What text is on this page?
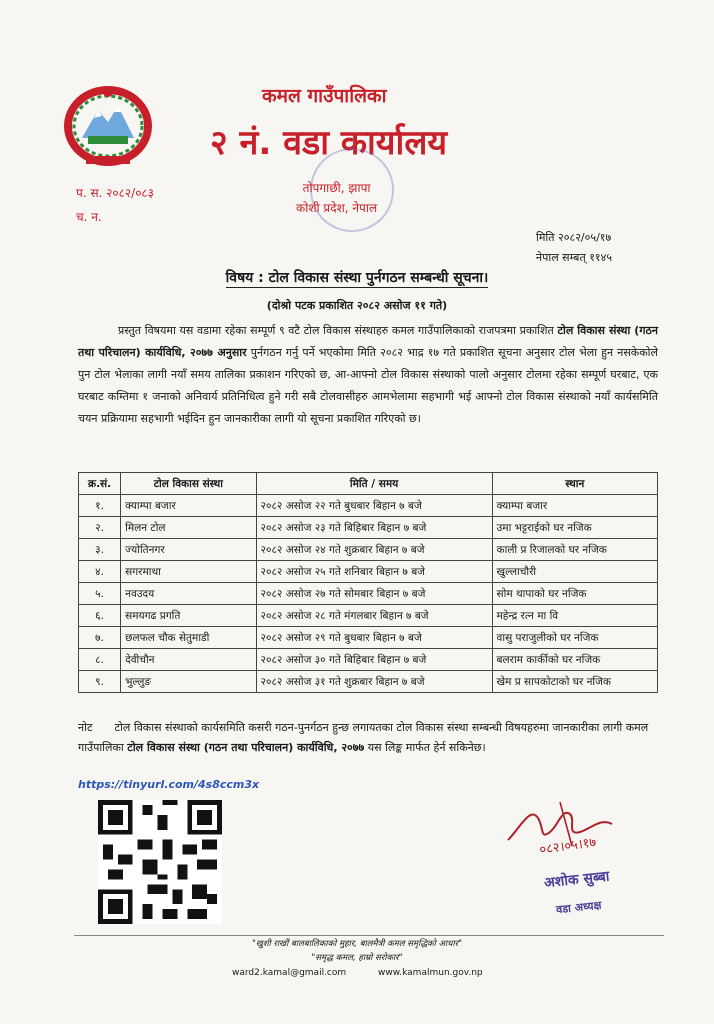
कमल गाउँपालिका
२ नं. वडा कार्यालय
तोपगाछी, झापा
कोशी प्रदेश, नेपाल
प. स. २०८२/०८३
च. न.
मिति २०८२/०५/१७
नेपाल सम्बत् ११४५
विषय : टोल विकास संस्था पुर्नगठन सम्बन्धी सूचना।
(दोश्रो पटक प्रकाशित २०८२ असोज ११ गते)
प्रस्तुत विषयमा यस वडामा रहेका सम्पूर्ण ९ वटै टोल विकास संस्थाहरु कमल गाउँपालिकाको राजपत्रमा प्रकाशित टोल विकास संस्था (गठन तथा परिचालन) कार्यविधि, २०७७ अनुसार पुर्नगठन गर्नु पर्ने भएकोमा मिति २०८२ भाद्र १७ गते प्रकाशित सूचना अनुसार टोल भेला हुन नसकेकोले पुन टोल भेलाका लागी नयाँ समय तालिका प्रकाशन गरिएको छ, आ-आफ्नो टोल विकास संस्थाको पालो अनुसार टोलमा रहेका सम्पूर्ण घरबाट, एक घरबाट कम्तिमा १ जनाको अनिवार्य प्रतिनिधित्व हुने गरी सबै टोलवासीहरु आमभेलामा सहभागी भई आफ्नो टोल विकास संस्थाको नयाँ कार्यसमिति चयन प्रक्रियामा सहभागी भईदिन हुन जानकारीका लागी यो सूचना प्रकाशित गरिएको छ।
क्र.सं.	टोल विकास संस्था	मिति / समय	स्थान
१.	क्याम्पा बजार	२०८२ असोज २२ गते बुधबार बिहान ७ बजे	क्याम्पा बजार
२.	मिलन टोल	२०८२ असोज २३ गते बिहिबार बिहान ७ बजे	उमा भट्टराईको घर नजिक
३.	ज्योतिनगर	२०८२ असोज २४ गते शुक्रबार बिहान ७ बजे	काली प्र रिजालको घर नजिक
४.	सगरमाथा	२०८२ असोज २५ गते शनिबार बिहान ७ बजे	खुल्लाचौरी
५.	नवउदय	२०८२ असोज २७ गते सोमबार बिहान ७ बजे	सोम थापाको घर नजिक
६.	समयगढ प्रगति	२०८२ असोज २८ गते मंगलबार बिहान ७ बजे	महेन्द्र रत्न मा वि
७.	छलफल चौक सेतुमाडी	२०८२ असोज २९ गते बुधबार बिहान ७ बजे	वासु पराजुलीको घर नजिक
८.	देवीचौन	२०८२ असोज ३० गते बिहिबार बिहान ७ बजे	बलराम कार्कीको घर नजिक
९.	भुल्लुङ	२०८२ असोज ३१ गते शुक्रबार बिहान ७ बजे	खेम प्र सापकोटाको घर नजिक
नोट टोल विकास संस्थाको कार्यसमिति कसरी गठन-पुनर्गठन हुन्छ लगायतका टोल विकास संस्था सम्बन्धी विषयहरुमा जानकारीका लागी कमल गाउँपालिका टोल विकास संस्था (गठन तथा परिचालन) कार्यविधि, २०७७ यस लिङ्क मार्फत हेर्न सकिनेछ।
https://tinyurl.com/4s8ccm3x
०८२।०५।१७
अशोक सुब्बा
वडा अध्यक्ष
"खुशी राखौं बालबालिकाको मुहार, बालमैत्री कमल समृद्धिको आधार"
"समृद्ध कमल, हाम्रो सरोकार"
ward2.kamal@gmail.com	www.kamalmun.gov.np
